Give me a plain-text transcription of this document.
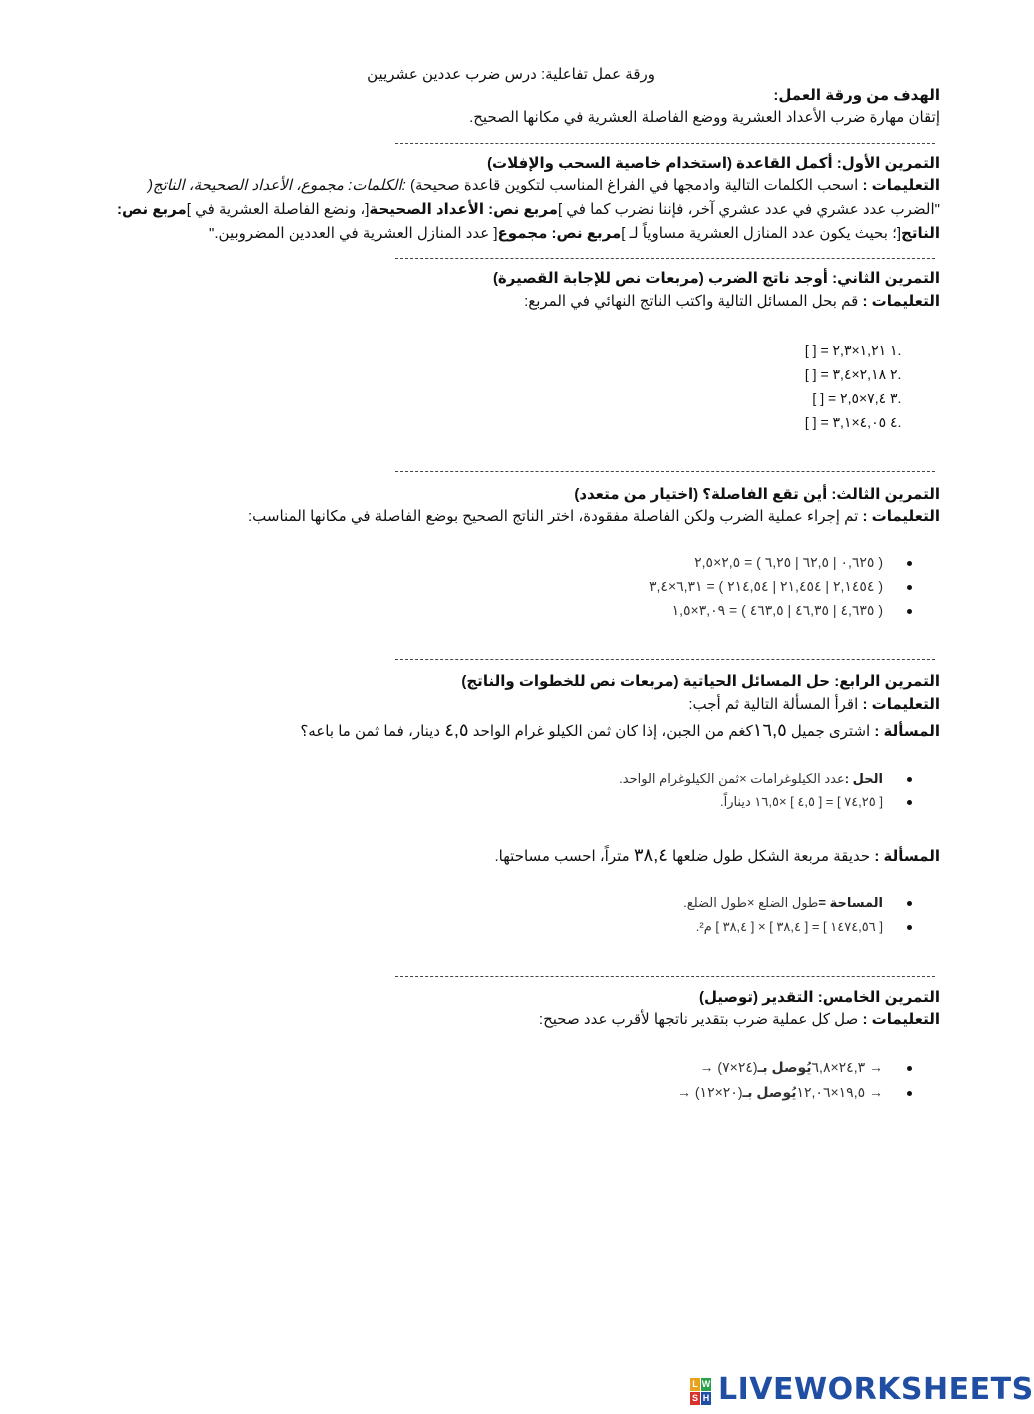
ورقة عمل تفاعلية: درس ضرب عددين عشريين
الهدف من ورقة العمل:
إتقان مهارة ضرب الأعداد العشرية ووضع الفاصلة العشرية في مكانها الصحيح.
التمرين الأول: أكمل القاعدة (استخدام خاصية السحب والإفلات)
التعليمات : اسحب الكلمات التالية وادمجها في الفراغ المناسب لتكوين قاعدة صحيحة) :الكلمات: مجموع، الأعداد الصحيحة، الناتج(
"الضرب عدد عشري في عدد عشري آخر، فإننا نضرب كما في ]مربع نص: الأعداد الصحيحة[، ونضع الفاصلة العشرية في ]مربع نص:
الناتج[؛ بحيث يكون عدد المنازل العشرية مساوياً لـ ]مربع نص: مجموع[ عدد المنازل العشرية في العددين المضروبين."
التمرين الثاني: أوجد ناتج الضرب (مربعات نص للإجابة القصيرة)
التعليمات : قم بحل المسائل التالية واكتب الناتج النهائي في المربع:
.١ ١,٢١×٢,٣ = [ ]
.٢ ٢,١٨×٣,٤ = [ ]
.٣ ٧,٤×٢,٥ = [ ]
.٤ ٤,٠٥×٣,١ = [ ]
التمرين الثالث: أين تقع الفاصلة؟ (اختيار من متعدد)
التعليمات : تم إجراء عملية الضرب ولكن الفاصلة مفقودة، اختر الناتج الصحيح بوضع الفاصلة في مكانها المناسب:
( ٠,٦٢٥ | ٦٢,٥ | ٦,٢٥ ) = ٢,٥×٢,٥
( ٢,١٤٥٤ | ٢١,٤٥٤ | ٢١٤,٥٤ ) = ٦,٣١×٣,٤
( ٤,٦٣٥ | ٤٦,٣٥ | ٤٦٣,٥ ) = ٣,٠٩×١,٥
التمرين الرابع: حل المسائل الحياتية (مربعات نص للخطوات والناتج)
التعليمات : اقرأ المسألة التالية ثم أجب:
المسألة : اشترى جميل ١٦,٥كغم من الجبن، إذا كان ثمن الكيلو غرام الواحد ٤,٥ دينار، فما ثمن ما باعه؟
الحل :عدد الكيلوغرامات ×ثمن الكيلوغرام الواحد.
[ ٧٤,٢٥ ] = [ ٤,٥ ] ×١٦,٥ ديناراً.
المسألة : حديقة مربعة الشكل طول ضلعها ٣٨,٤ متراً، احسب مساحتها.
المساحة =طول الضلع ×طول الضلع.
[ ١٤٧٤,٥٦ ] = [ ٣٨,٤ ] × [ ٣٨,٤ ] م².
التمرين الخامس: التقدير (توصيل)
التعليمات : صل كل عملية ضرب بتقدير ناتجها لأقرب عدد صحيح:
→ ٢٤,٣×٦,٨يُوصل بـ(٢٤×٧) →
→ ١٩,٥×١٢,٠٦يُوصل بـ(٢٠×١٢) →
L W
S H LIVEWORKSHEETS
